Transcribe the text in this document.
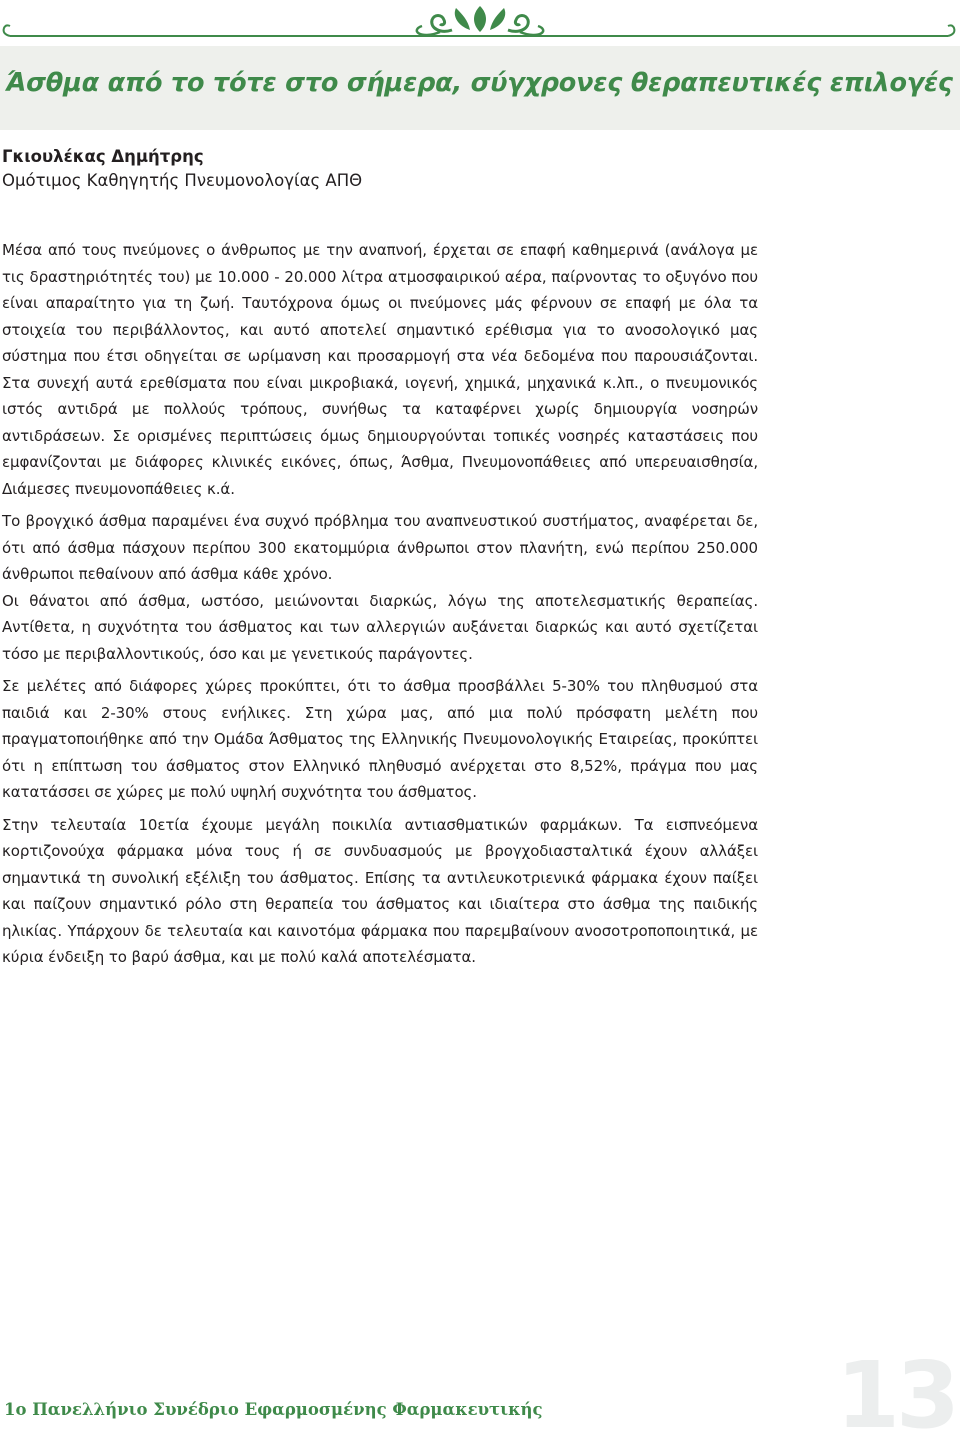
Άσθμα από το τότε στο σήμερα, σύγχρονες θεραπευτικές επιλογές
Γκιουλέκας Δημήτρης
Ομότιμος Καθηγητής Πνευμονολογίας ΑΠΘ

Μέσα από τους πνεύμονες ο άνθρωπος με την αναπνοή, έρχεται σε επαφή καθημερινά (ανάλογα με τις δραστηριότητές του) με 10.000 - 20.000 λίτρα ατμοσφαιρικού αέρα, παίρνοντας το οξυγόνο που είναι απαραίτητο για τη ζωή. Ταυτόχρονα όμως οι πνεύμονες μάς φέρνουν σε επαφή με όλα τα στοιχεία του περιβάλλοντος, και αυτό αποτελεί σημαντικό ερέθισμα για το ανοσολογικό μας σύστημα που έτσι οδηγείται σε ωρίμανση και προσαρμογή στα νέα δεδομένα που παρουσιάζονται. Στα συνεχή αυτά ερεθίσματα που είναι μικροβιακά, ιογενή, χημικά, μηχανικά κ.λπ., ο πνευμονικός ιστός αντιδρά με πολλούς τρόπους, συνήθως τα καταφέρνει χωρίς δημιουργία νοσηρών αντιδράσεων. Σε ορισμένες περιπτώσεις όμως δημιουργούνται τοπικές νοσηρές καταστάσεις που εμφανίζονται με διάφορες κλινικές εικόνες, όπως, Άσθμα, Πνευμονοπάθειες από υπερευαισθησία, Διάμεσες πνευμονοπάθειες κ.ά.

Το βρογχικό άσθμα παραμένει ένα συχνό πρόβλημα του αναπνευστικού συστήματος, αναφέρεται δε, ότι από άσθμα πάσχουν περίπου 300 εκατομμύρια άνθρωποι στον πλανήτη, ενώ περίπου 250.000 άνθρωποι πεθαίνουν από άσθμα κάθε χρόνο.
Οι θάνατοι από άσθμα, ωστόσο, μειώνονται διαρκώς, λόγω της αποτελεσματικής θεραπείας. Αντίθετα, η συχνότητα του άσθματος και των αλλεργιών αυξάνεται διαρκώς και αυτό σχετίζεται τόσο με περιβαλλοντικούς, όσο και με γενετικούς παράγοντες.

Σε μελέτες από διάφορες χώρες προκύπτει, ότι το άσθμα προσβάλλει 5-30% του πληθυσμού στα παιδιά και 2-30% στους ενήλικες. Στη χώρα μας, από μια πολύ πρόσφατη μελέτη που πραγματοποιήθηκε από την Ομάδα Άσθματος της Ελληνικής Πνευμονολογικής Εταιρείας, προκύπτει ότι η επίπτωση του άσθματος στον Ελληνικό πληθυσμό ανέρχεται στο 8,52%, πράγμα που μας κατατάσσει σε χώρες με πολύ υψηλή συχνότητα του άσθματος.

Στην τελευταία 10ετία έχουμε μεγάλη ποικιλία αντιασθματικών φαρμάκων. Τα εισπνεόμενα κορτιζονούχα φάρμακα μόνα τους ή σε συνδυασμούς με βρογχοδιασταλτικά έχουν αλλάξει σημαντικά τη συνολική εξέλιξη του άσθματος. Επίσης τα αντιλευκοτριενικά φάρμακα έχουν παίξει και παίζουν σημαντικό ρόλο στη θεραπεία του άσθματος και ιδιαίτερα στο άσθμα της παιδικής ηλικίας. Υπάρχουν δε τελευταία και καινοτόμα φάρμακα που παρεμβαίνουν ανοσοτροποποιητικά, με κύρια ένδειξη το βαρύ άσθμα, και με πολύ καλά αποτελέσματα.

1ο Πανελλήνιο Συνέδριο Εφαρμοσμένης Φαρμακευτικής	13
